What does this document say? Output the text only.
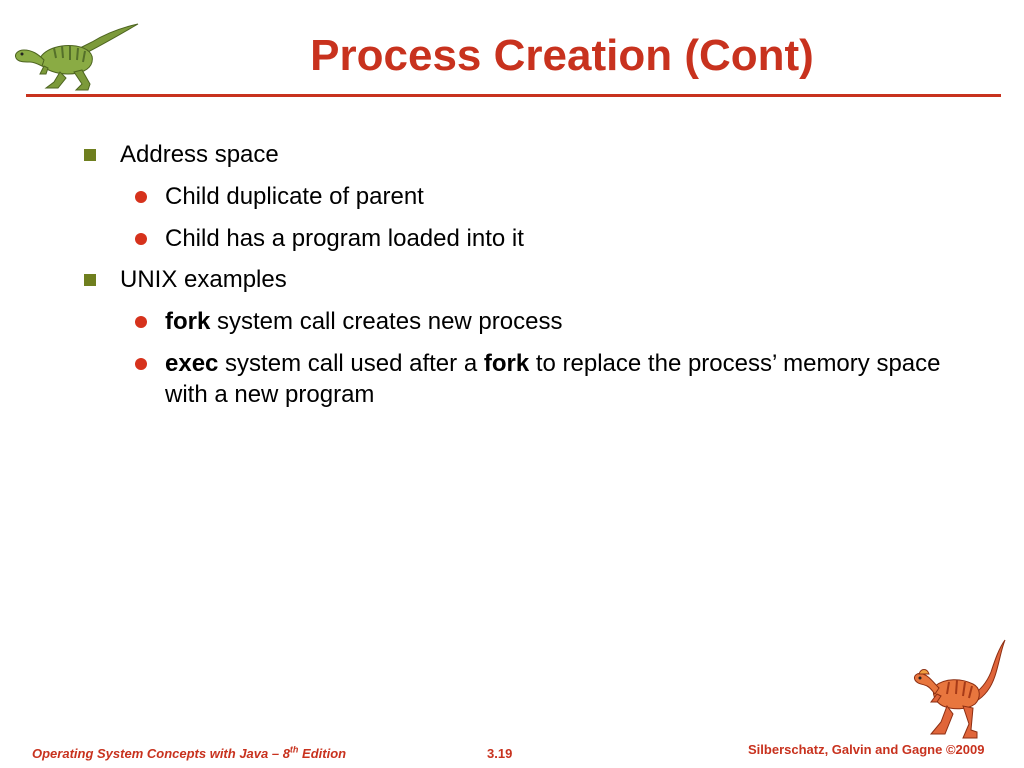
Process Creation (Cont)
Address space
Child duplicate of parent
Child has a program loaded into it
UNIX examples
fork system call creates new process
exec system call used after a fork to replace the process’ memory space with a new program
Operating System Concepts with Java – 8th Edition	3.19	Silberschatz, Galvin and Gagne ©2009
